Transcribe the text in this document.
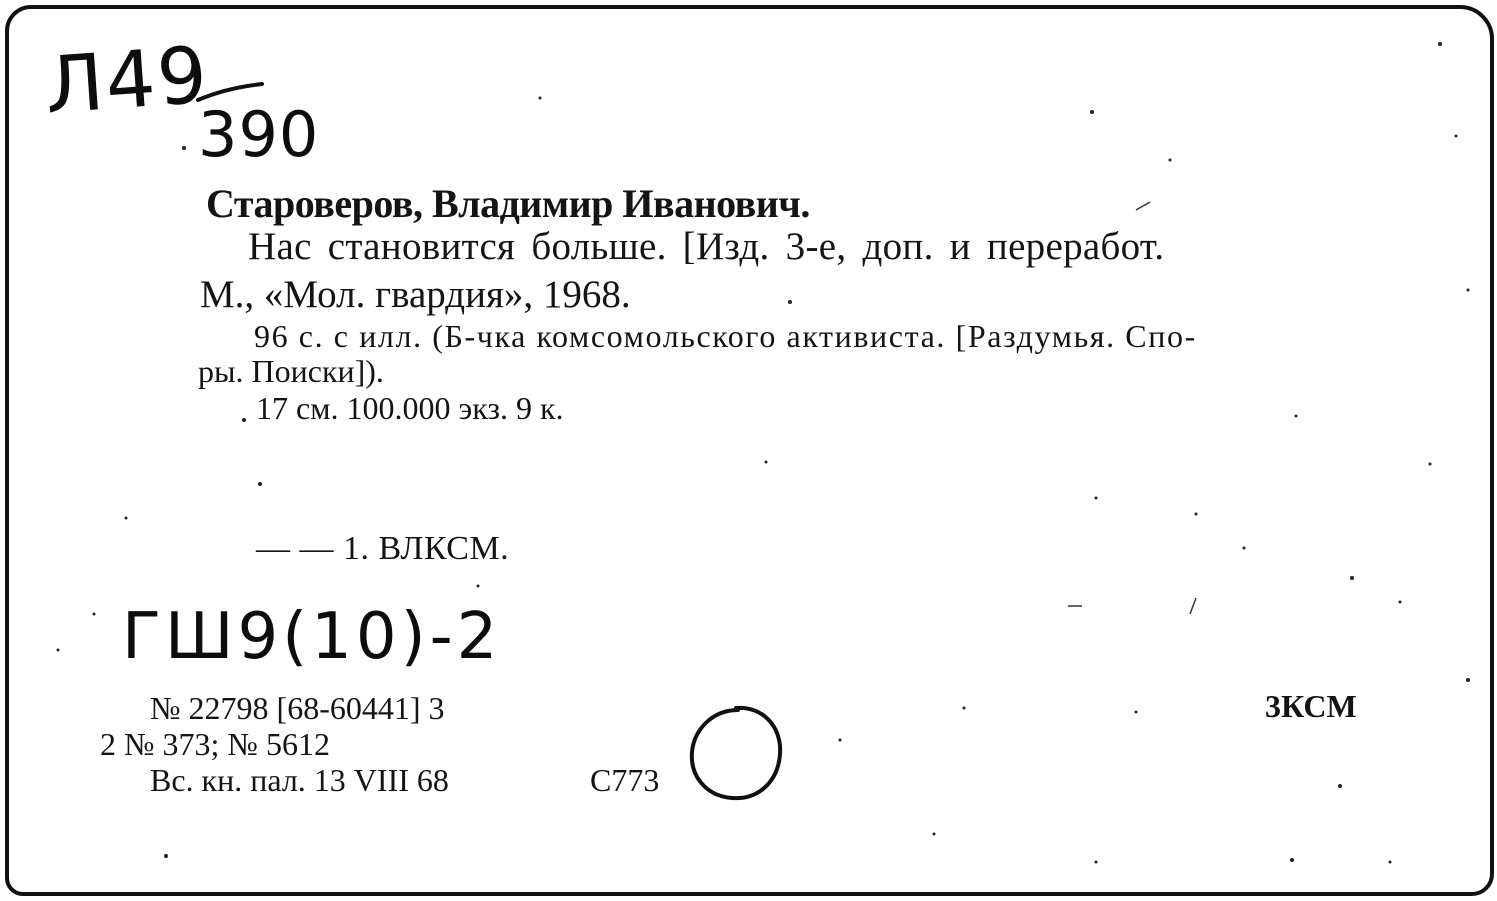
Л49
390
Староверов, Владимир Иванович.
Нас становится больше. [Изд. 3-е, доп. и переработ.
М., «Мол. гвардия», 1968.
96 с. с илл. (Б-чка комсомольского активиста. [Раздумья. Спо-
ры. Поиски]).
17 см. 100.000 экз. 9 к.
— — 1. ВЛКСМ.
ГШ9(10)-2
№ 22798 [68-60441] 3
2 № 373; № 5612
Вс. кн. пал. 13 VIII 68	С773
3КСМ
